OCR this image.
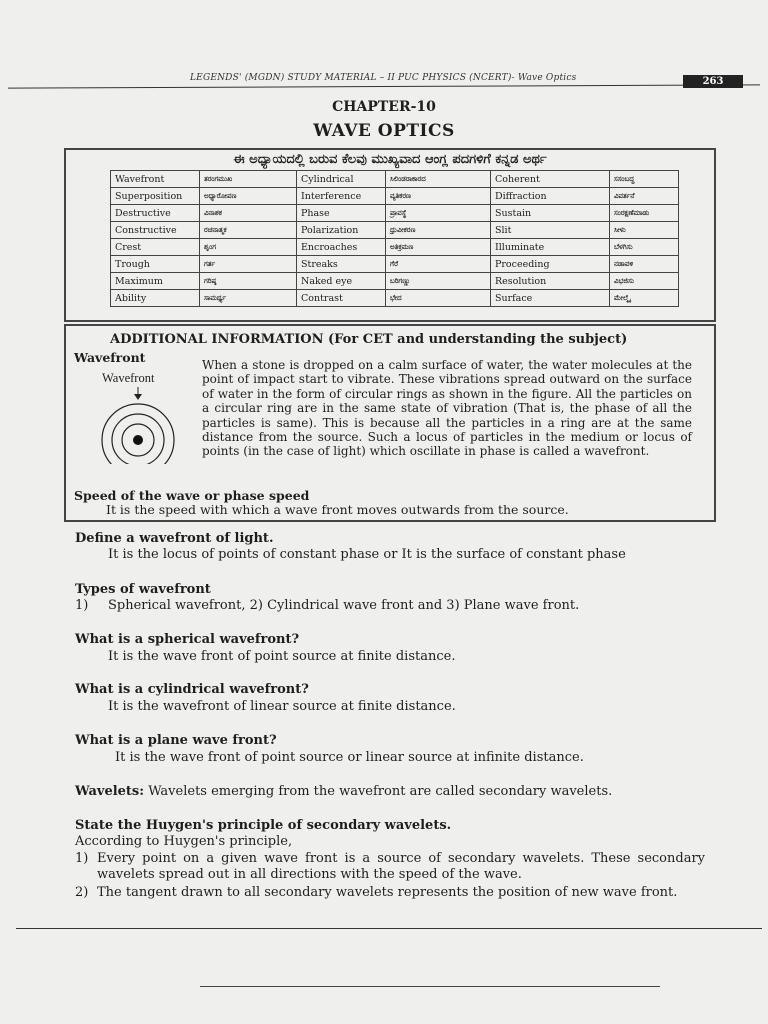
LEGENDS' (MGDN) STUDY MATERIAL – II PUC PHYSICS (NCERT)- Wave Optics	263
CHAPTER-10
WAVE OPTICS
ಈ ಅಧ್ಯಾಯದಲ್ಲಿ ಬರುವ ಕೆಲವು ಮುಖ್ಯವಾದ ಆಂಗ್ಲ ಪದಗಳಿಗೆ ಕನ್ನಡ ಅರ್ಥ
Wavefront	ತರಂಗಮುಖ	Cylindrical	ಸಿಲಿಂಡರಾಕಾರದ	Coherent	ಸಸಂಬದ್ಧ
Superposition	ಅಧ್ಯಾರೋಪಣ	Interference	ವ್ಯತಿಕರಣ	Diffraction	ವಿವರ್ತನೆ
Destructive	ವಿನಾಶಕ	Phase	ಪ್ರಾವಸ್ಥೆ	Sustain	ಸಂರಕ್ಷಣೆಮಾಡು
Constructive	ರಚನಾತ್ಮಕ	Polarization	ಧ್ರುವೀಕರಣ	Slit	ಸೀಳು
Crest	ಶೃಂಗ	Encroaches	ಅತಿಕ್ರಮಣ	Illuminate	ಬೆಳಗಿಸು
Trough	ಗರ್ತ	Streaks	ಗೆರೆ	Proceeding	ನಡಾವಳಿ
Maximum	ಗರಿಷ್ಠ	Naked eye	ಬರಿಗಣ್ಣು	Resolution	ವಿಭಜಿಸು
Ability	ಸಾಮರ್ಥ್ಯ	Contrast	ಭೇದ	Surface	ಮೇಲ್ಮೈ
ADDITIONAL INFORMATION (For CET and understanding the subject)
Wavefront
Wavefront
When a stone is dropped on a calm surface of water, the water molecules at the point of impact start to vibrate. These vibrations spread outward on the surface of water in the form of circular rings as shown in the figure. All the particles on a circular ring are in the same state of vibration (That is, the phase of all the particles is same). This is because all the particles in a ring are at the same distance from the source. Such a locus of particles in the medium or locus of points (in the case of light) which oscillate in phase is called a wavefront.
Speed of the wave or phase speed
It is the speed with which a wave front moves outwards from the source.
Define a wavefront of light.
It is the locus of points of constant phase or It is the surface of constant phase
Types of wavefront
1) Spherical wavefront, 2) Cylindrical wave front and 3) Plane wave front.
What is a spherical wavefront?
It is the wave front of point source at finite distance.
What is a cylindrical wavefront?
It is the wavefront of linear source at finite distance.
What is a plane wave front?
It is the wave front of point source or linear source at infinite distance.
Wavelets: Wavelets emerging from the wavefront are called secondary wavelets.
State the Huygen's principle of secondary wavelets.
According to Huygen's principle,
1) Every point on a given wave front is a source of secondary wavelets. These secondary wavelets spread out in all directions with the speed of the wave.
2) The tangent drawn to all secondary wavelets represents the position of new wave front.
